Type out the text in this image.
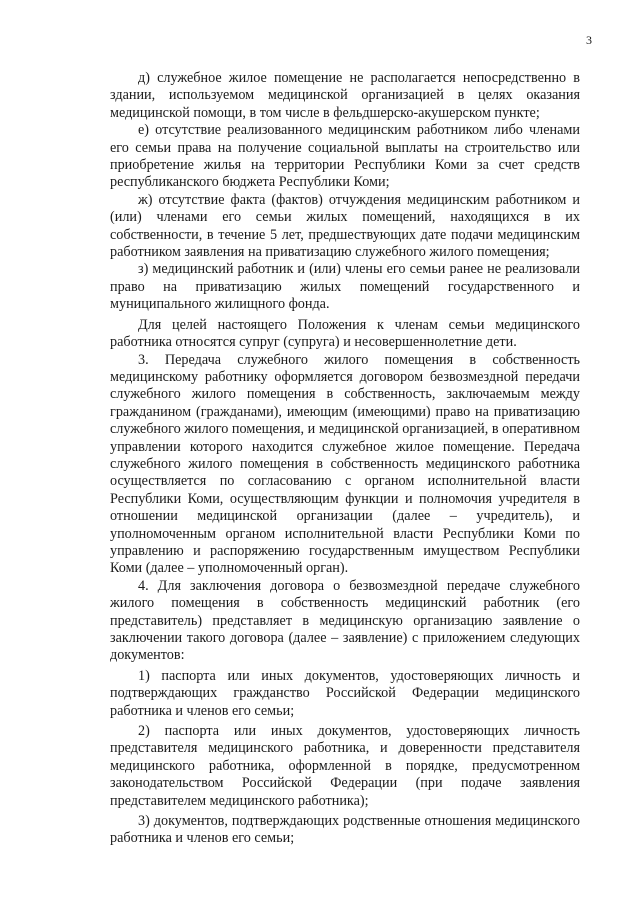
3

д) служебное жилое помещение не располагается непосредственно в здании, используемом медицинской организацией в целях оказания медицинской помощи, в том числе в фельдшерско-акушерском пункте;

е) отсутствие реализованного медицинским работником либо членами его семьи права на получение социальной выплаты на строительство или приобретение жилья на территории Республики Коми за счет средств республиканского бюджета Республики Коми;

ж) отсутствие факта (фактов) отчуждения медицинским работником и (или) членами его семьи жилых помещений, находящихся в их собственности, в течение 5 лет, предшествующих дате подачи медицинским работником заявления на приватизацию служебного жилого помещения;

з) медицинский работник и (или) члены его семьи ранее не реализовали право на приватизацию жилых помещений государственного и муниципального жилищного фонда.

Для целей настоящего Положения к членам семьи медицинского работника относятся супруг (супруга) и несовершеннолетние дети.

3. Передача служебного жилого помещения в собственность медицинскому работнику оформляется договором безвозмездной передачи служебного жилого помещения в собственность, заключаемым между гражданином (гражданами), имеющим (имеющими) право на приватизацию служебного жилого помещения, и медицинской организацией, в оперативном управлении которого находится служебное жилое помещение. Передача служебного жилого помещения в собственность медицинского работника осуществляется по согласованию с органом исполнительной власти Республики Коми, осуществляющим функции и полномочия учредителя в отношении медицинской организации (далее – учредитель), и уполномоченным органом исполнительной власти Республики Коми по управлению и распоряжению государственным имуществом Республики Коми (далее – уполномоченный орган).

4. Для заключения договора о безвозмездной передаче служебного жилого помещения в собственность медицинский работник (его представитель) представляет в медицинскую организацию заявление о заключении такого договора (далее – заявление) с приложением следующих документов:

1) паспорта или иных документов, удостоверяющих личность и подтверждающих гражданство Российской Федерации медицинского работника и членов его семьи;

2) паспорта или иных документов, удостоверяющих личность представителя медицинского работника, и доверенности представителя медицинского работника, оформленной в порядке, предусмотренном законодательством Российской Федерации (при подаче заявления представителем медицинского работника);

3) документов, подтверждающих родственные отношения медицинского работника и членов его семьи;
